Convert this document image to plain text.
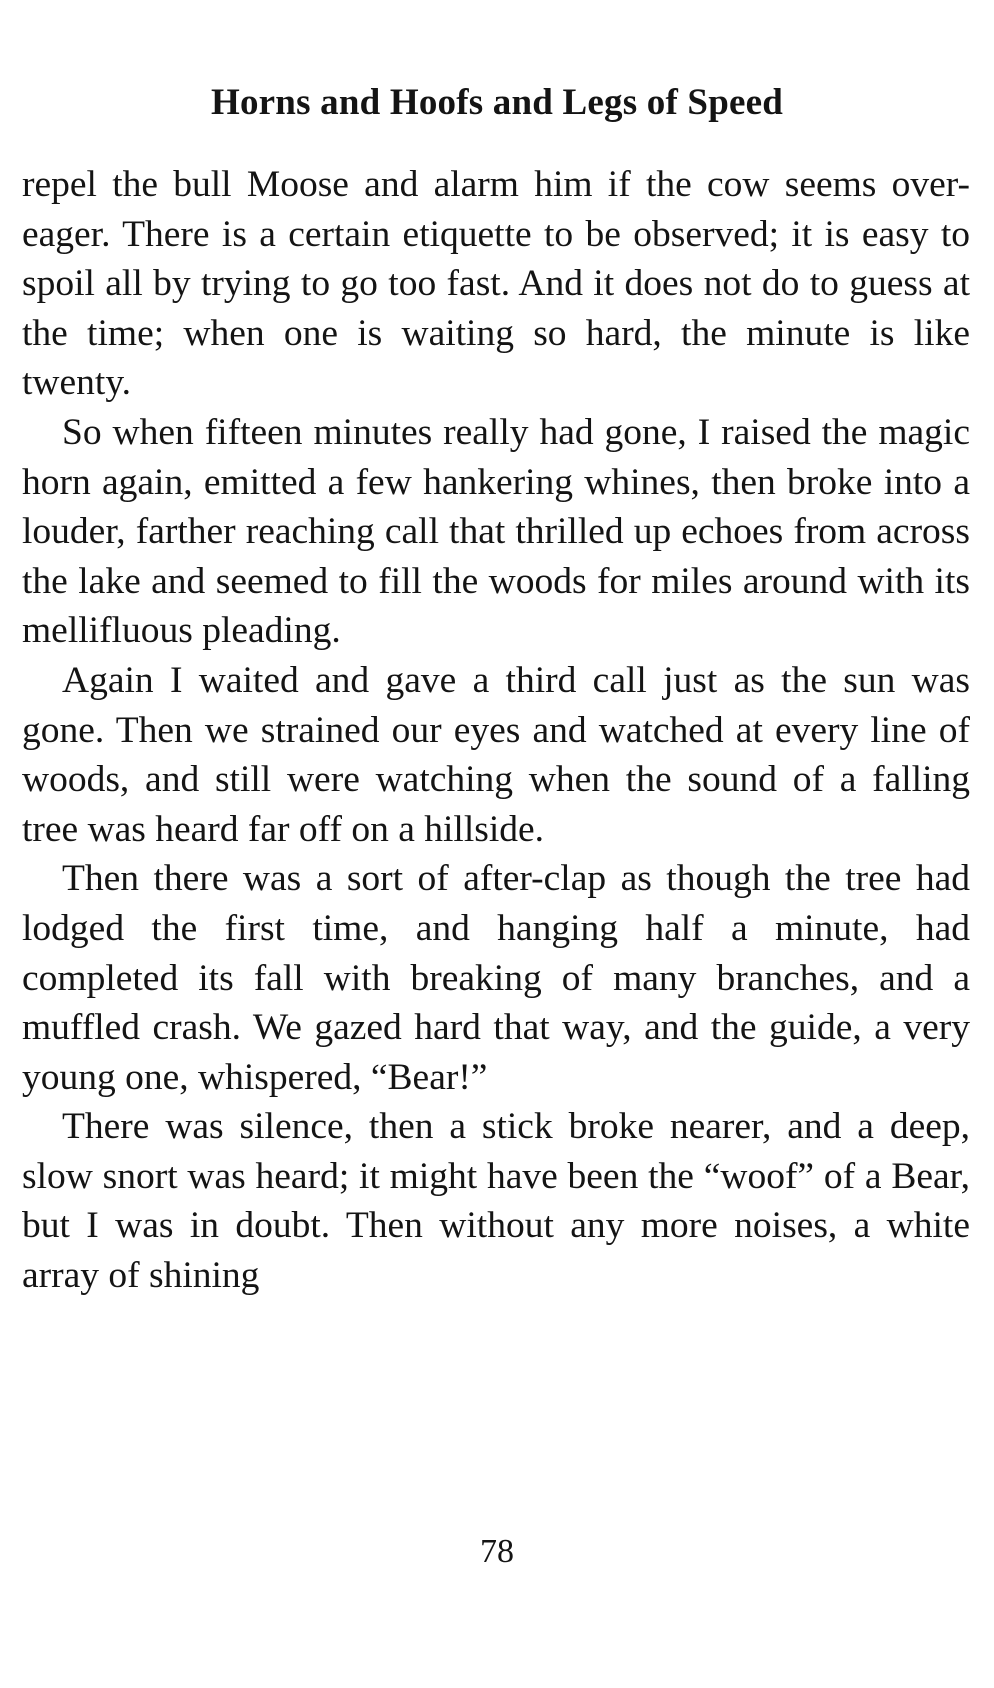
Horns and Hoofs and Legs of Speed

repel the bull Moose and alarm him if the cow seems over-eager. There is a certain etiquette to be observed; it is easy to spoil all by trying to go too fast. And it does not do to guess at the time; when one is waiting so hard, the minute is like twenty.

So when fifteen minutes really had gone, I raised the magic horn again, emitted a few hankering whines, then broke into a louder, farther reaching call that thrilled up echoes from across the lake and seemed to fill the woods for miles around with its mellifluous pleading.

Again I waited and gave a third call just as the sun was gone. Then we strained our eyes and watched at every line of woods, and still were watching when the sound of a falling tree was heard far off on a hillside.

Then there was a sort of after-clap as though the tree had lodged the first time, and hanging half a minute, had completed its fall with breaking of many branches, and a muffled crash. We gazed hard that way, and the guide, a very young one, whispered, “Bear!”

There was silence, then a stick broke nearer, and a deep, slow snort was heard; it might have been the “woof” of a Bear, but I was in doubt. Then without any more noises, a white array of shining

78
